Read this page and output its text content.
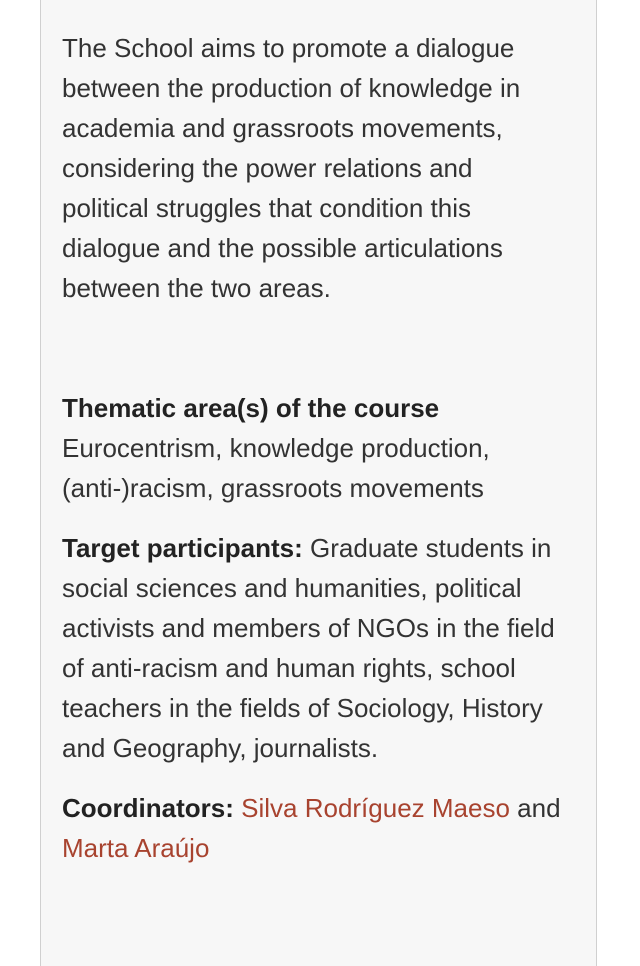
The School aims to promote a dialogue between the production of knowledge in academia and grassroots movements, considering the power relations and political struggles that condition this dialogue and the possible articulations between the two areas.

Thematic area(s) of the course
Eurocentrism, knowledge production, (anti-)racism, grassroots movements
Target participants: Graduate students in social sciences and humanities, political activists and members of NGOs in the field of anti-racism and human rights, school teachers in the fields of Sociology, History and Geography, journalists.
Coordinators: Silva Rodríguez Maeso and Marta Araújo
